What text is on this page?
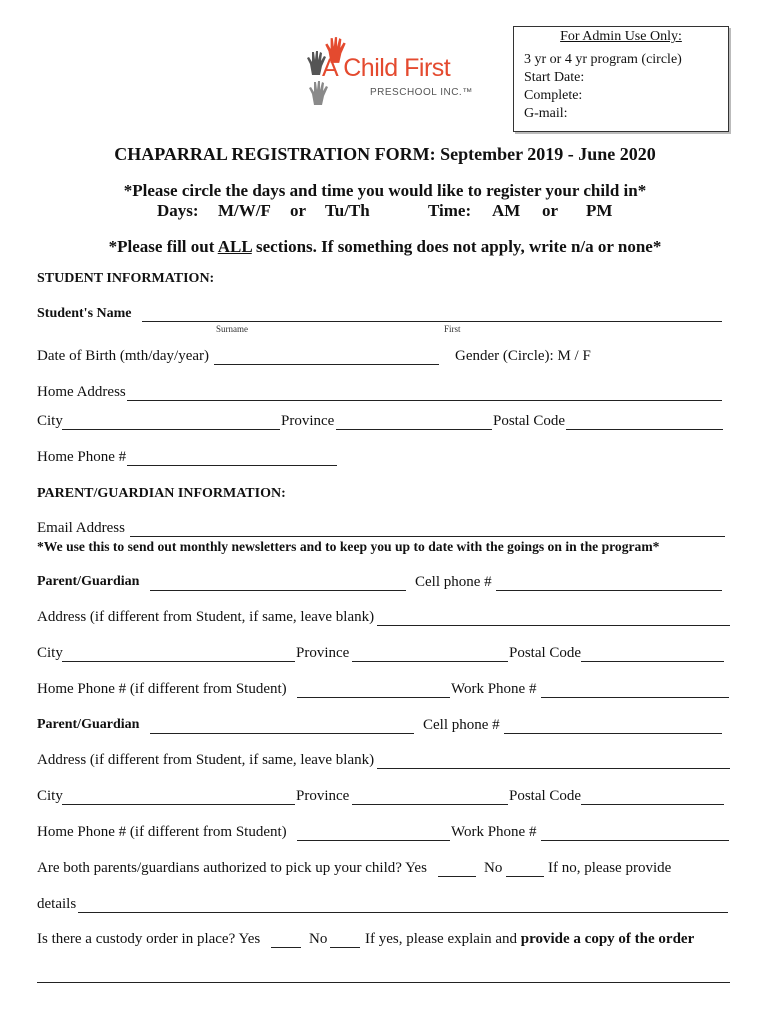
A Child First
PRESCHOOL INC.™
For Admin Use Only:
3 yr or 4 yr program (circle)
Start Date:
Complete:
G-mail:
CHAPARRAL REGISTRATION FORM: September 2019 - June 2020
*Please circle the days and time you would like to register your child in*
Days: M/W/F or Tu/Th	Time: AM or PM
*Please fill out ALL sections. If something does not apply, write n/a or none*
STUDENT INFORMATION:
Student's Name
Surname	First
Date of Birth (mth/day/year)	Gender (Circle): M / F
Home Address
City	Province	Postal Code
Home Phone #
PARENT/GUARDIAN INFORMATION:
Email Address
*We use this to send out monthly newsletters and to keep you up to date with the goings on in the program*
Parent/Guardian	Cell phone #
Address (if different from Student, if same, leave blank)
City	Province	Postal Code
Home Phone # (if different from Student)	Work Phone #
Parent/Guardian	Cell phone #
Address (if different from Student, if same, leave blank)
City	Province	Postal Code
Home Phone # (if different from Student)	Work Phone #
Are both parents/guardians authorized to pick up your child? Yes	No	If no, please provide
details
Is there a custody order in place? Yes	No	If yes, please explain and provide a copy of the order
